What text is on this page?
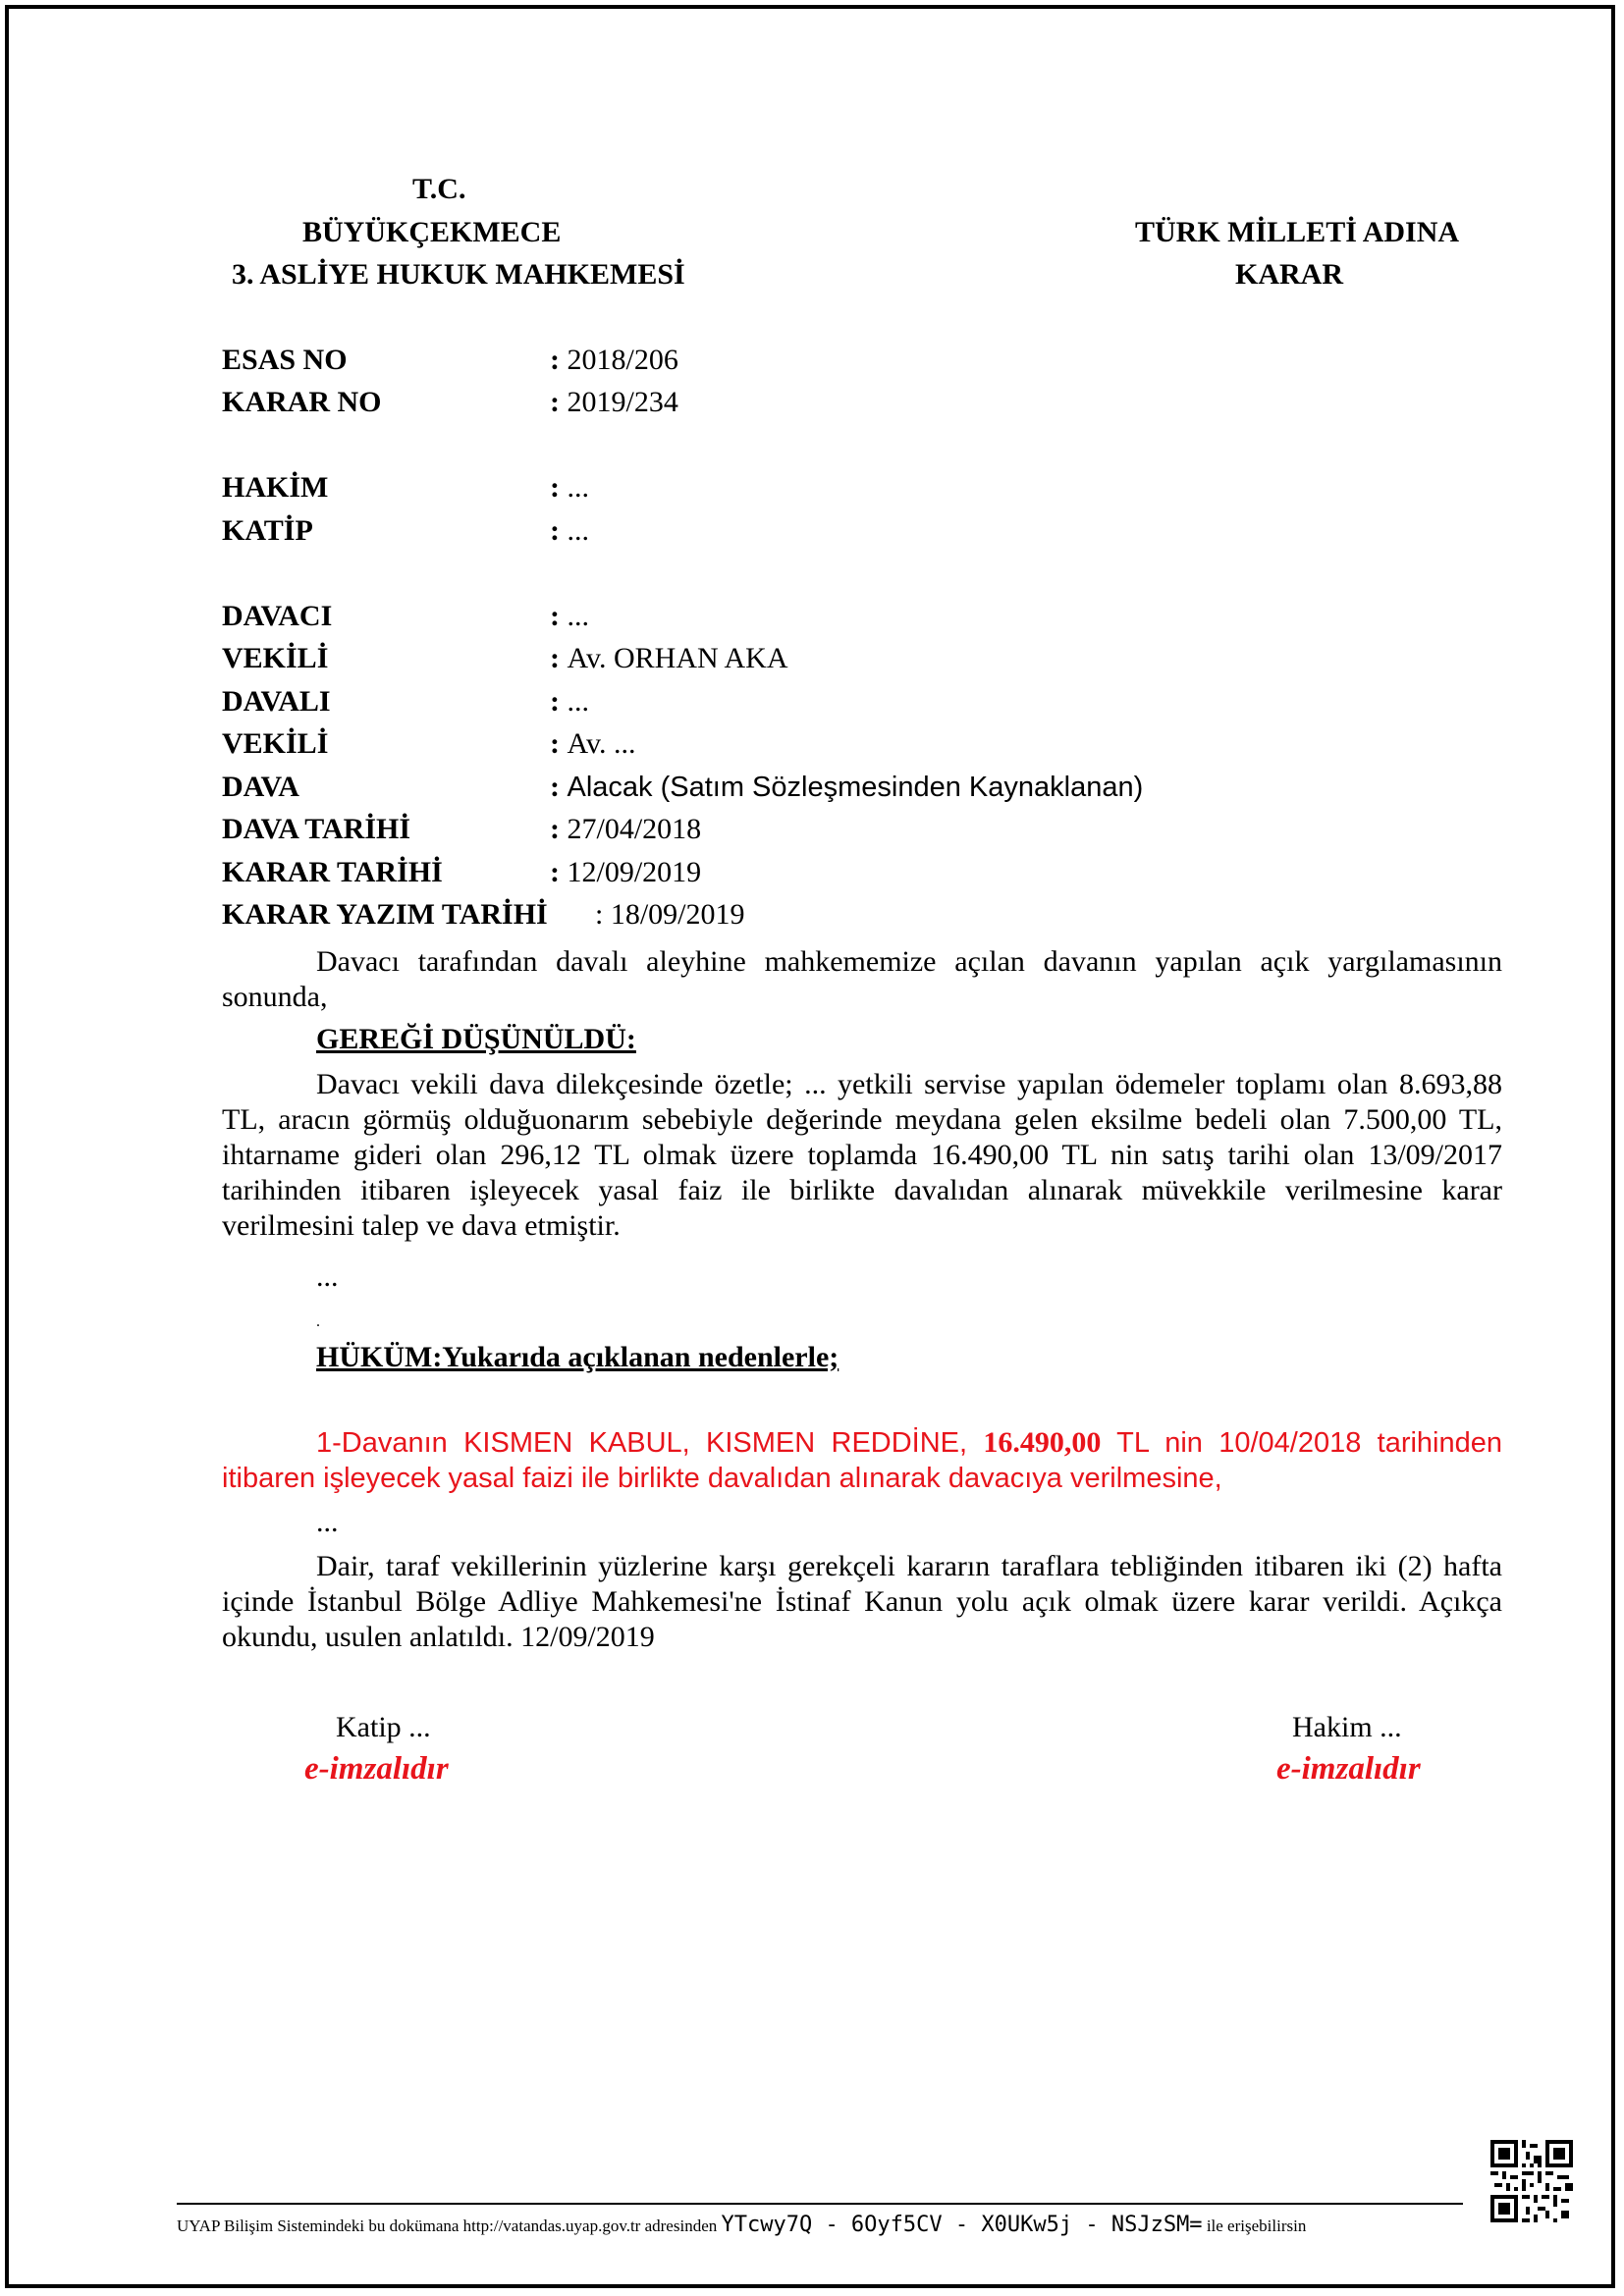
T.C.
BÜYÜKÇEKMECE
3. ASLİYE HUKUK MAHKEMESİ
TÜRK MİLLETİ ADINA
KARAR
ESAS NO	: 2018/206
KARAR NO	: 2019/234
HAKİM	: ...
KATİP	: ...
DAVACI	: ...
VEKİLİ	: Av. ORHAN AKA
DAVALI	: ...
VEKİLİ	: Av. ...
DAVA	: Alacak (Satım Sözleşmesinden Kaynaklanan)
DAVA TARİHİ	: 27/04/2018
KARAR TARİHİ	: 12/09/2019
KARAR YAZIM TARİHİ : 18/09/2019
Davacı tarafından davalı aleyhine mahkememize açılan davanın yapılan açık yargılamasının sonunda,
GEREĞİ DÜŞÜNÜLDÜ:
Davacı vekili dava dilekçesinde özetle; ... yetkili servise yapılan ödemeler toplamı olan 8.693,88 TL, aracın görmüş olduğuonarım sebebiyle değerinde meydana gelen eksilme bedeli olan 7.500,00 TL, ihtarname gideri olan 296,12 TL olmak üzere toplamda 16.490,00 TL nin satış tarihi olan 13/09/2017 tarihinden itibaren işleyecek yasal faiz ile birlikte davalıdan alınarak müvekkile verilmesine karar verilmesini talep ve dava etmiştir.
...
.
HÜKÜM:Yukarıda açıklanan nedenlerle;
1-Davanın KISMEN KABUL, KISMEN REDDİNE, 16.490,00 TL nin 10/04/2018 tarihinden itibaren işleyecek yasal faizi ile birlikte davalıdan alınarak davacıya verilmesine,
...
Dair, taraf vekillerinin yüzlerine karşı gerekçeli kararın taraflara tebliğinden itibaren iki (2) hafta içinde İstanbul Bölge Adliye Mahkemesi'ne İstinaf Kanun yolu açık olmak üzere karar verildi. Açıkça okundu, usulen anlatıldı. 12/09/2019
Katip ...
e-imzalıdır
Hakim ...
e-imzalıdır
UYAP Bilişim Sistemindeki bu dokümana http://vatandas.uyap.gov.tr adresinden YTcwy7Q - 6Oyf5CV - X0UKw5j - NSJzSM= ile erişebilirsin
